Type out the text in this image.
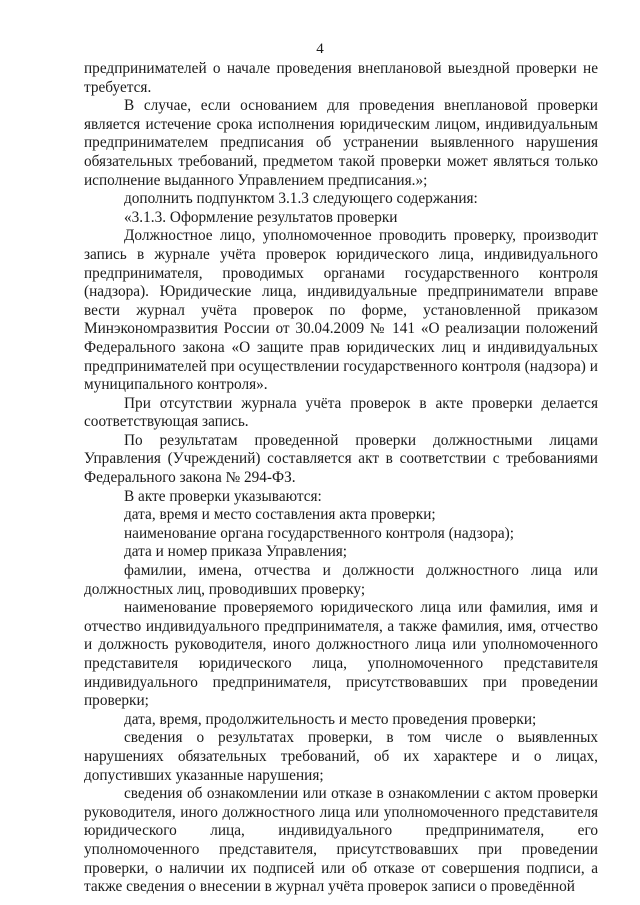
4

предпринимателей о начале проведения внеплановой выездной проверки не требуется.

В случае, если основанием для проведения внеплановой проверки является истечение срока исполнения юридическим лицом, индивидуальным предпринимателем предписания об устранении выявленного нарушения обязательных требований, предметом такой проверки может являться только исполнение выданного Управлением предписания.»;

дополнить подпунктом 3.1.3 следующего содержания:

«3.1.3. Оформление результатов проверки

Должностное лицо, уполномоченное проводить проверку, производит запись в журнале учёта проверок юридического лица, индивидуального предпринимателя, проводимых органами государственного контроля (надзора). Юридические лица, индивидуальные предприниматели вправе вести журнал учёта проверок по форме, установленной приказом Минэкономразвития России от 30.04.2009 № 141 «О реализации положений Федерального закона «О защите прав юридических лиц и индивидуальных предпринимателей при осуществлении государственного контроля (надзора) и муниципального контроля».

При отсутствии журнала учёта проверок в акте проверки делается соответствующая запись.

По результатам проведенной проверки должностными лицами Управления (Учреждений) составляется акт в соответствии с требованиями Федерального закона № 294-ФЗ.

В акте проверки указываются:

дата, время и место составления акта проверки;

наименование органа государственного контроля (надзора);

дата и номер приказа Управления;

фамилии, имена, отчества и должности должностного лица или должностных лиц, проводивших проверку;

наименование проверяемого юридического лица или фамилия, имя и отчество индивидуального предпринимателя, а также фамилия, имя, отчество и должность руководителя, иного должностного лица или уполномоченного представителя юридического лица, уполномоченного представителя индивидуального предпринимателя, присутствовавших при проведении проверки;

дата, время, продолжительность и место проведения проверки;

сведения о результатах проверки, в том числе о выявленных нарушениях обязательных требований, об их характере и о лицах, допустивших указанные нарушения;

сведения об ознакомлении или отказе в ознакомлении с актом проверки руководителя, иного должностного лица или уполномоченного представителя юридического лица, индивидуального предпринимателя, его уполномоченного представителя, присутствовавших при проведении проверки, о наличии их подписей или об отказе от совершения подписи, а также сведения о внесении в журнал учёта проверок записи о проведённой
